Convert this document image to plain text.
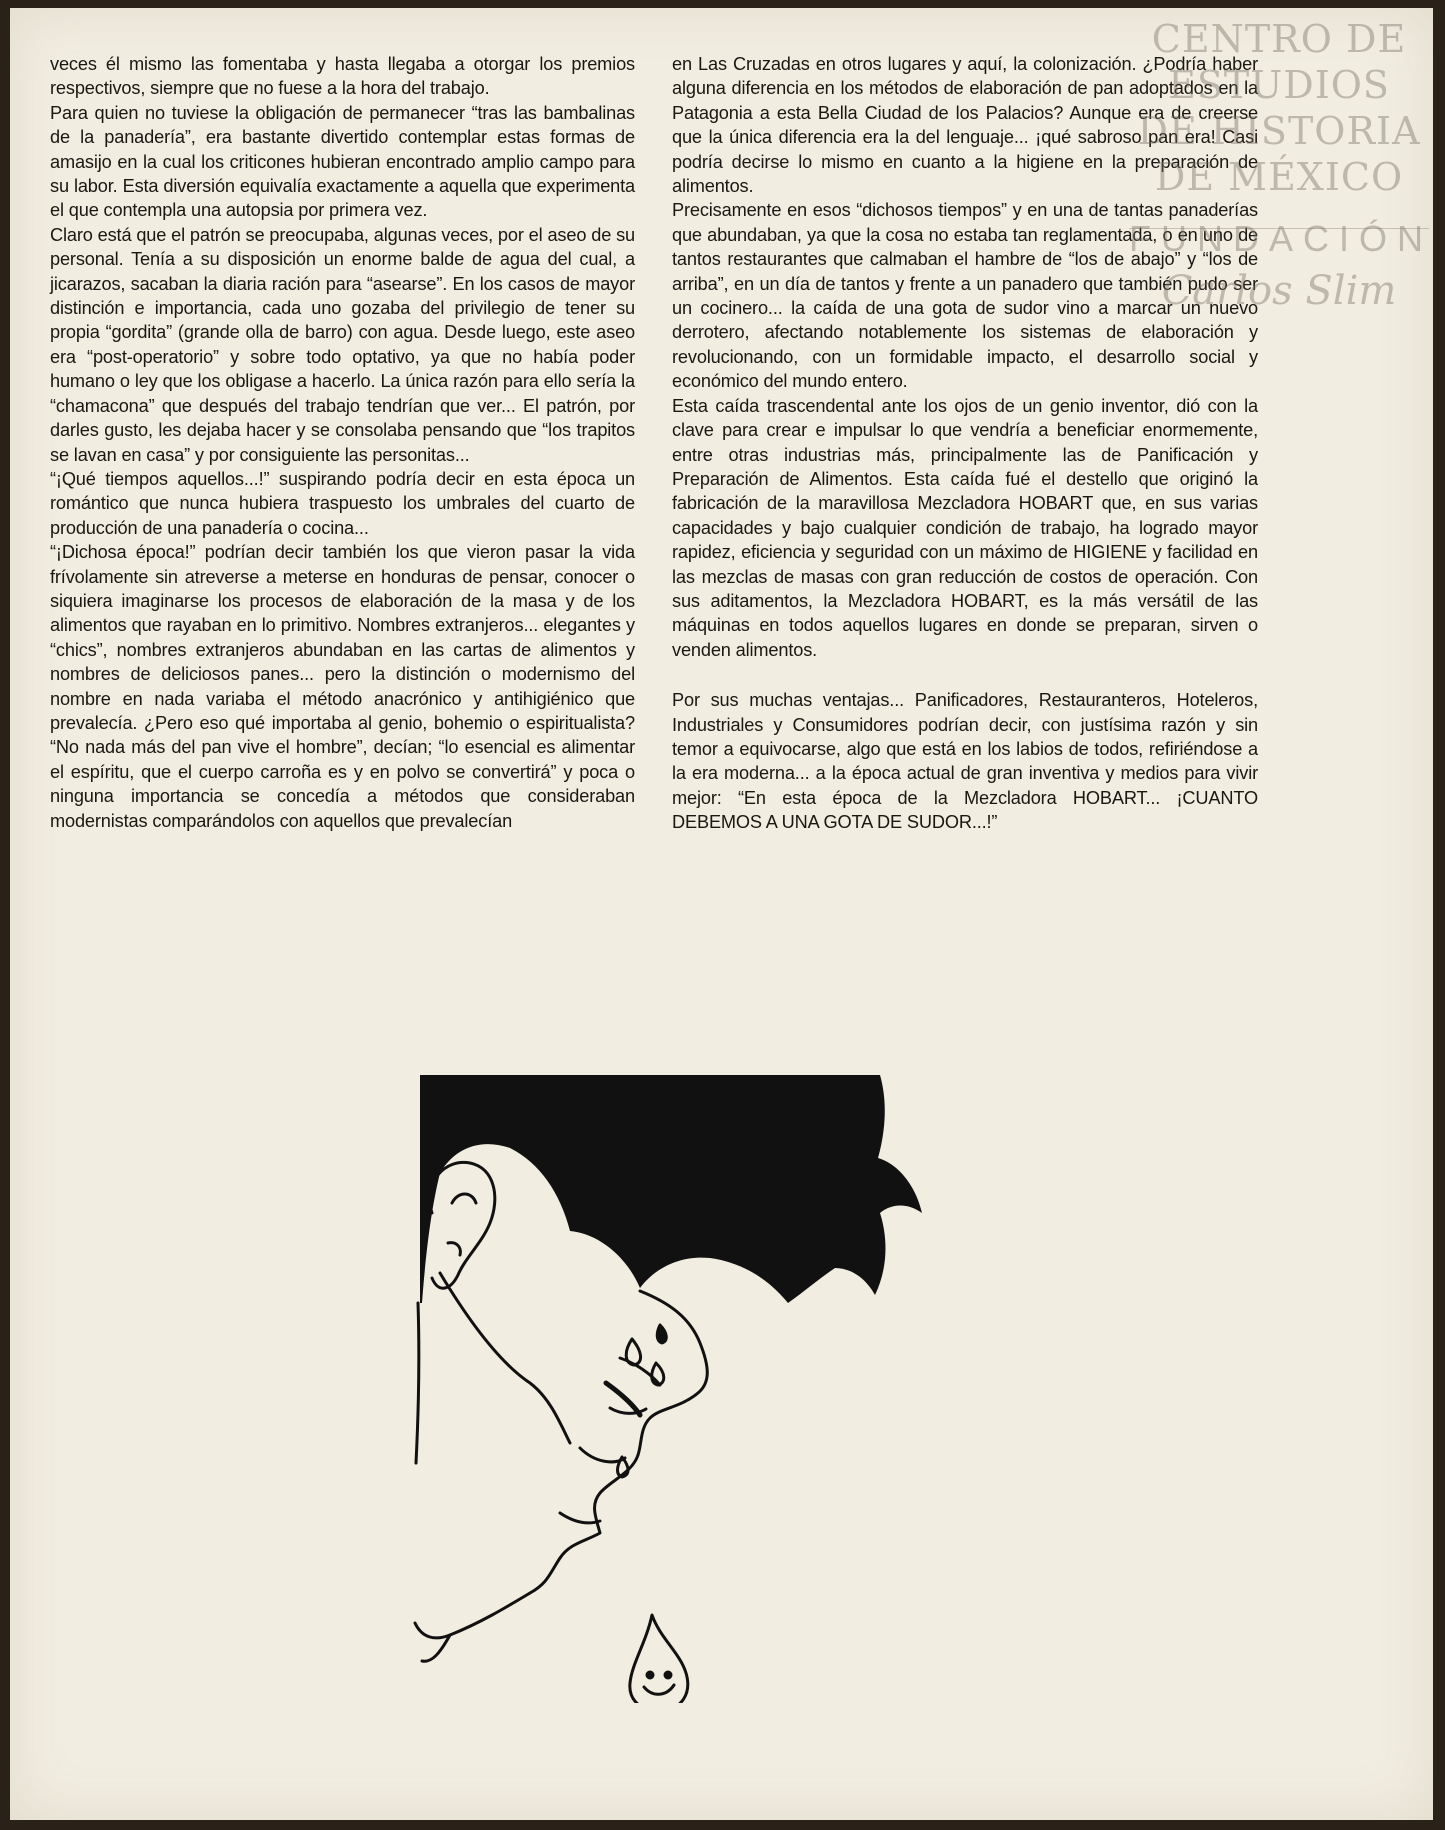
veces él mismo las fomentaba y hasta llegaba a otorgar los premios respectivos, siempre que no fuese a la hora del trabajo.

Para quien no tuviese la obligación de permanecer “tras las bambalinas de la panadería”, era bastante divertido contemplar estas formas de amasijo en la cual los criticones hubieran encontrado amplio campo para su labor. Esta diversión equivalía exactamente a aquella que experimenta el que contempla una autopsia por primera vez.

Claro está que el patrón se preocupaba, algunas veces, por el aseo de su personal. Tenía a su disposición un enorme balde de agua del cual, a jicarazos, sacaban la diaria ración para “asearse”. En los casos de mayor distinción e importancia, cada uno gozaba del privilegio de tener su propia “gordita” (grande olla de barro) con agua. Desde luego, este aseo era “post-operatorio” y sobre todo optativo, ya que no había poder humano o ley que los obligase a hacerlo. La única razón para ello sería la “chamacona” que después del trabajo tendrían que ver... El patrón, por darles gusto, les dejaba hacer y se consolaba pensando que “los trapitos se lavan en casa” y por consiguiente las personitas...

“¡Qué tiempos aquellos...!” suspirando podría decir en esta época un romántico que nunca hubiera traspuesto los umbrales del cuarto de producción de una panadería o cocina...

“¡Dichosa época!” podrían decir también los que vieron pasar la vida frívolamente sin atreverse a meterse en honduras de pensar, conocer o siquiera imaginarse los procesos de elaboración de la masa y de los alimentos que rayaban en lo primitivo. Nombres extranjeros... elegantes y “chics”, nombres extranjeros abundaban en las cartas de alimentos y nombres de deliciosos panes... pero la distinción o modernismo del nombre en nada variaba el método anacrónico y antihigiénico que prevalecía. ¿Pero eso qué importaba al genio, bohemio o espiritualista? “No nada más del pan vive el hombre”, decían; “lo esencial es alimentar el espíritu, que el cuerpo carroña es y en polvo se convertirá” y poca o ninguna importancia se concedía a métodos que consideraban modernistas comparándolos con aquellos que prevalecían

en Las Cruzadas en otros lugares y aquí, la colonización. ¿Podría haber alguna diferencia en los métodos de elaboración de pan adoptados en la Patagonia a esta Bella Ciudad de los Palacios? Aunque era de creerse que la única diferencia era la del lenguaje... ¡qué sabroso pan era! Casi podría decirse lo mismo en cuanto a la higiene en la preparación de alimentos.

Precisamente en esos “dichosos tiempos” y en una de tantas panaderías que abundaban, ya que la cosa no estaba tan reglamentada, o en uno de tantos restaurantes que calmaban el hambre de “los de abajo” y “los de arriba”, en un día de tantos y frente a un panadero que también pudo ser un cocinero... la caída de una gota de sudor vino a marcar un nuevo derrotero, afectando notablemente los sistemas de elaboración y revolucionando, con un formidable impacto, el desarrollo social y económico del mundo entero.

Esta caída trascendental ante los ojos de un genio inventor, dió con la clave para crear e impulsar lo que vendría a beneficiar enormemente, entre otras industrias más, principalmente las de Panificación y Preparación de Alimentos. Esta caída fué el destello que originó la fabricación de la maravillosa Mezcladora HOBART que, en sus varias capacidades y bajo cualquier condición de trabajo, ha logrado mayor rapidez, eficiencia y seguridad con un máximo de HIGIENE y facilidad en las mezclas de masas con gran reducción de costos de operación. Con sus aditamentos, la Mezcladora HOBART, es la más versátil de las máquinas en todos aquellos lugares en donde se preparan, sirven o venden alimentos.

Por sus muchas ventajas... Panificadores, Restauranteros, Hoteleros, Industriales y Consumidores podrían decir, con justísima razón y sin temor a equivocarse, algo que está en los labios de todos, refiriéndose a la era moderna... a la época actual de gran inventiva y medios para vivir mejor: “En esta época de la Mezcladora HOBART... ¡CUANTO DEBEMOS A UNA GOTA DE SUDOR...!”

CENTRO DE
ESTUDIOS
DE HISTORIA
DE MÉXICO
FUNDACIÓN
Carlos Slim
